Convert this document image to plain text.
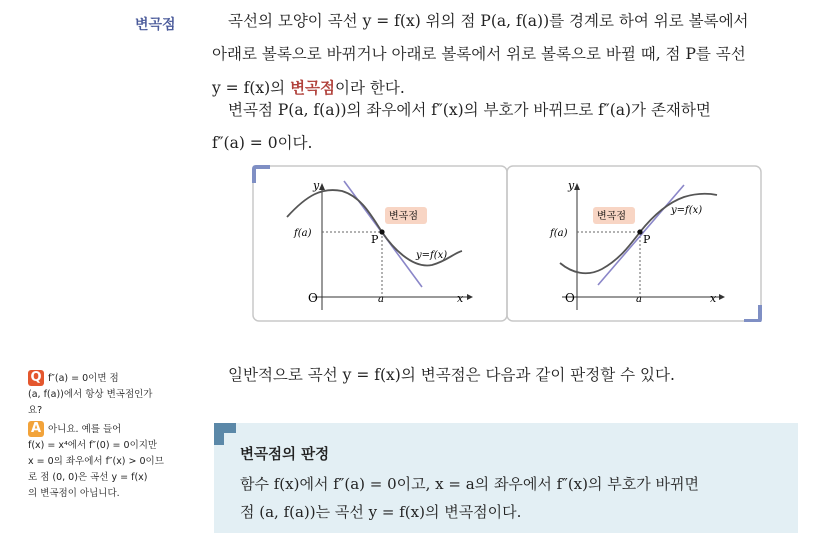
변곡점	곡선의 모양이 곡선 y = f(x) 위의 점 P(a, f(a))를 경계로 하여 위로 볼록에서
아래로 볼록으로 바뀌거나 아래로 볼록에서 위로 볼록으로 바뀔 때, 점 P를 곡선
y = f(x)의 변곡점이라 한다.
변곡점 P(a, f(a))의 좌우에서 f″(x)의 부호가 바뀌므로 f″(a)가 존재하면
f″(a) = 0이다.
y
x
O
f(a)
a
P
변곡점
y=f(x)
y
x
O
f(a)
a
P
변곡점
y=f(x)
Q f″(a) = 0이면 점
(a, f(a))에서 항상 변곡점인가
요?
A 아니요. 예를 들어
f(x) = x⁴에서 f″(0) = 0이지만
x = 0의 좌우에서 f″(x) > 0이므
로 점 (0, 0)은 곡선 y = f(x)
의 변곡점이 아닙니다.
일반적으로 곡선 y = f(x)의 변곡점은 다음과 같이 판정할 수 있다.
변곡점의 판정
함수 f(x)에서 f″(a) = 0이고, x = a의 좌우에서 f″(x)의 부호가 바뀌면
점 (a, f(a))는 곡선 y = f(x)의 변곡점이다.
